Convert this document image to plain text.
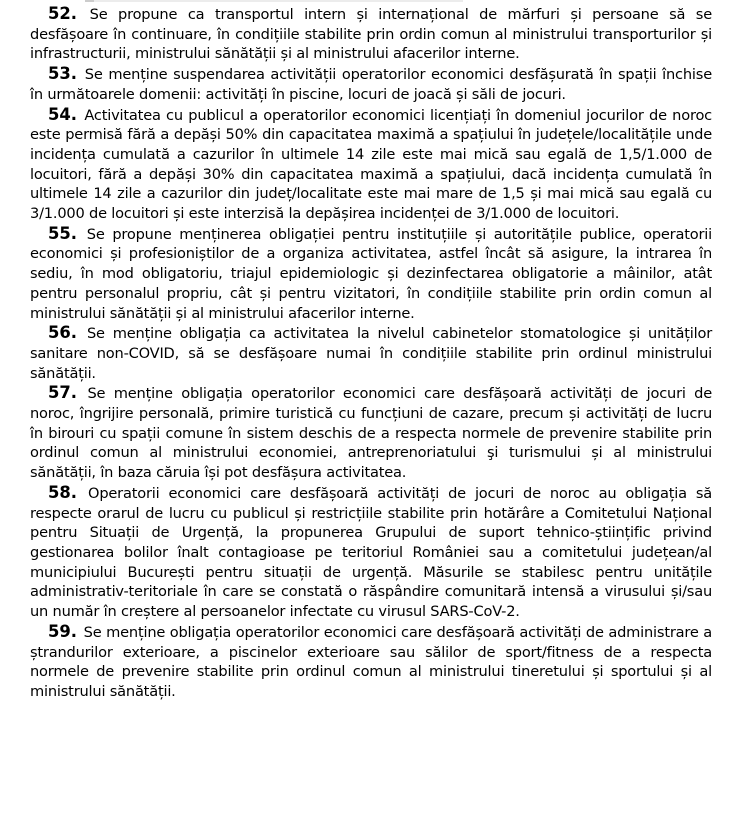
52. Se propune ca transportul intern și internațional de mărfuri și persoane să se desfășoare în continuare, în condițiile stabilite prin ordin comun al ministrului transporturilor și infrastructurii, ministrului sănătății și al ministrului afacerilor interne.

53. Se menține suspendarea activității operatorilor economici desfășurată în spații închise în următoarele domenii: activități în piscine, locuri de joacă și săli de jocuri.

54. Activitatea cu publicul a operatorilor economici licențiați în domeniul jocurilor de noroc este permisă fără a depăși 50% din capacitatea maximă a spațiului în județele/localitățile unde incidența cumulată a cazurilor în ultimele 14 zile este mai mică sau egală de 1,5/1.000 de locuitori, fără a depăși 30% din capacitatea maximă a spațiului, dacă incidența cumulată în ultimele 14 zile a cazurilor din județ/localitate este mai mare de 1,5 și mai mică sau egală cu 3/1.000 de locuitori și este interzisă la depășirea incidenței de 3/1.000 de locuitori.

55. Se propune menținerea obligației pentru instituțiile și autoritățile publice, operatorii economici și profesioniștilor de a organiza activitatea, astfel încât să asigure, la intrarea în sediu, în mod obligatoriu, triajul epidemiologic și dezinfectarea obligatorie a mâinilor, atât pentru personalul propriu, cât și pentru vizitatori, în condițiile stabilite prin ordin comun al ministrului sănătății și al ministrului afacerilor interne.

56. Se menține obligația ca activitatea la nivelul cabinetelor stomatologice și unităților sanitare non-COVID, să se desfășoare numai în condițiile stabilite prin ordinul ministrului sănătății.

57. Se menține obligația operatorilor economici care desfășoară activități de jocuri de noroc, îngrijire personală, primire turistică cu funcțiuni de cazare, precum și activități de lucru în birouri cu spații comune în sistem deschis de a respecta normele de prevenire stabilite prin ordinul comun al ministrului economiei, antreprenoriatului şi turismului și al ministrului sănătății, în baza căruia își pot desfășura activitatea.

58. Operatorii economici care desfășoară activități de jocuri de noroc au obligația să respecte orarul de lucru cu publicul și restricțiile stabilite prin hotărâre a Comitetului Național pentru Situații de Urgență, la propunerea Grupului de suport tehnico-științific privind gestionarea bolilor înalt contagioase pe teritoriul României sau a comitetului județean/al municipiului București pentru situații de urgență. Măsurile se stabilesc pentru unitățile administrativ-teritoriale în care se constată o răspândire comunitară intensă a virusului și/sau un număr în creștere al persoanelor infectate cu virusul SARS-CoV-2.

59. Se menține obligația operatorilor economici care desfășoară activități de administrare a ștrandurilor exterioare, a piscinelor exterioare sau sălilor de sport/fitness de a respecta normele de prevenire stabilite prin ordinul comun al ministrului tineretului și sportului și al ministrului sănătății.
